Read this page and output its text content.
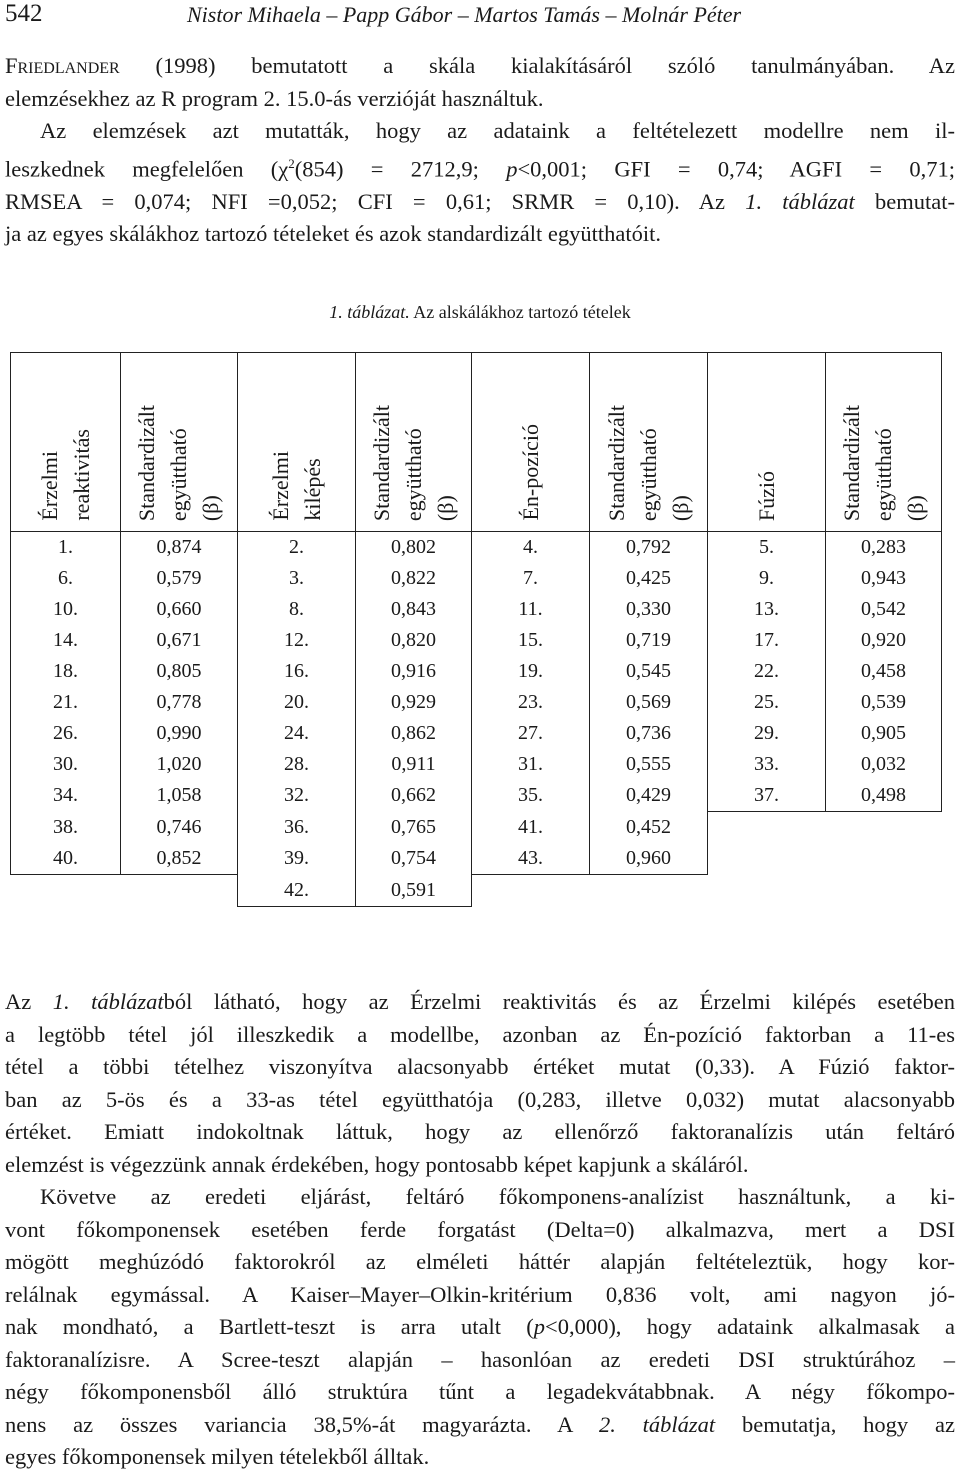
542	Nistor Mihaela – Papp Gábor – Martos Tamás – Molnár Péter

Friedlander (1998) bemutatott a skála kialakításáról szóló tanulmányában. Az
elemzésekhez az R program 2. 15.0-ás verzióját használtuk.

Az elemzések azt mutatták, hogy az adataink a feltételezett modellre nem il-
leszkednek megfelelően ($\chi^2(854) = 2712,9$; p<0,001; GFI = 0,74; AGFI = 0,71;
RMSEA = 0,074; NFI =0,052; CFI = 0,61; SRMR = 0,10). Az 1. táblázat bemutat-
ja az egyes skálákhoz tartozó tételeket és azok standardizált együtthatóit.

1. táblázat. Az alskálákhoz tartozó tételek
Érzelmi reaktivitás	Standardizált együttható (β)	Érzelmi kilépés	Standardizált együttható (β)	Én-pozíció	Standardizált együttható (β)	Fúzió	Standardizált együttható (β)

1.	0,874	2.	0,802	4.	0,792	5.	0,283
6.	0,579	3.	0,822	7.	0,425	9.	0,943
10.	0,660	8.	0,843	11.	0,330	13.	0,542
14.	0,671	12.	0,820	15.	0,719	17.	0,920
18.	0,805	16.	0,916	19.	0,545	22.	0,458
21.	0,778	20.	0,929	23.	0,569	25.	0,539
26.	0,990	24.	0,862	27.	0,736	29.	0,905
30.	1,020	28.	0,911	31.	0,555	33.	0,032
34.	1,058	32.	0,662	35.	0,429	37.	0,498
38.	0,746	36.	0,765	41.	0,452		
40.	0,852	39.	0,754	43.	0,960		
		42.	0,591				

Az 1. táblázatból látható, hogy az Érzelmi reaktivitás és az Érzelmi kilépés esetében
a legtöbb tétel jól illeszkedik a modellbe, azonban az Én-pozíció faktorban a 11-es
tétel a többi tételhez viszonyítva alacsonyabb értéket mutat (0,33). A Fúzió faktor-
ban az 5-ös és a 33-as tétel együtthatója (0,283, illetve 0,032) mutat alacsonyabb
értéket. Emiatt indokoltnak láttuk, hogy az ellenőrző faktoranalízis után feltáró
elemzést is végezzünk annak érdekében, hogy pontosabb képet kapjunk a skáláról.

Követve az eredeti eljárást, feltáró főkomponens-analízist használtunk, a ki-
vont főkomponensek esetében ferde forgatást (Delta=0) alkalmazva, mert a DSI
mögött meghúzódó faktorokról az elméleti háttér alapján feltételeztük, hogy kor-
relálnak egymással. A Kaiser–Mayer–Olkin-kritérium 0,836 volt, ami nagyon jó-
nak mondható, a Bartlett-teszt is arra utalt (p<0,000), hogy adataink alkalmasak a
faktoranalízisre. A Scree-teszt alapján – hasonlóan az eredeti DSI struktúrához –
négy főkomponensből álló struktúra tűnt a legadekvátabbnak. A négy főkompo-
nens az összes variancia 38,5%-át magyarázta. A 2. táblázat bemutatja, hogy az
egyes főkomponensek milyen tételekből álltak.
